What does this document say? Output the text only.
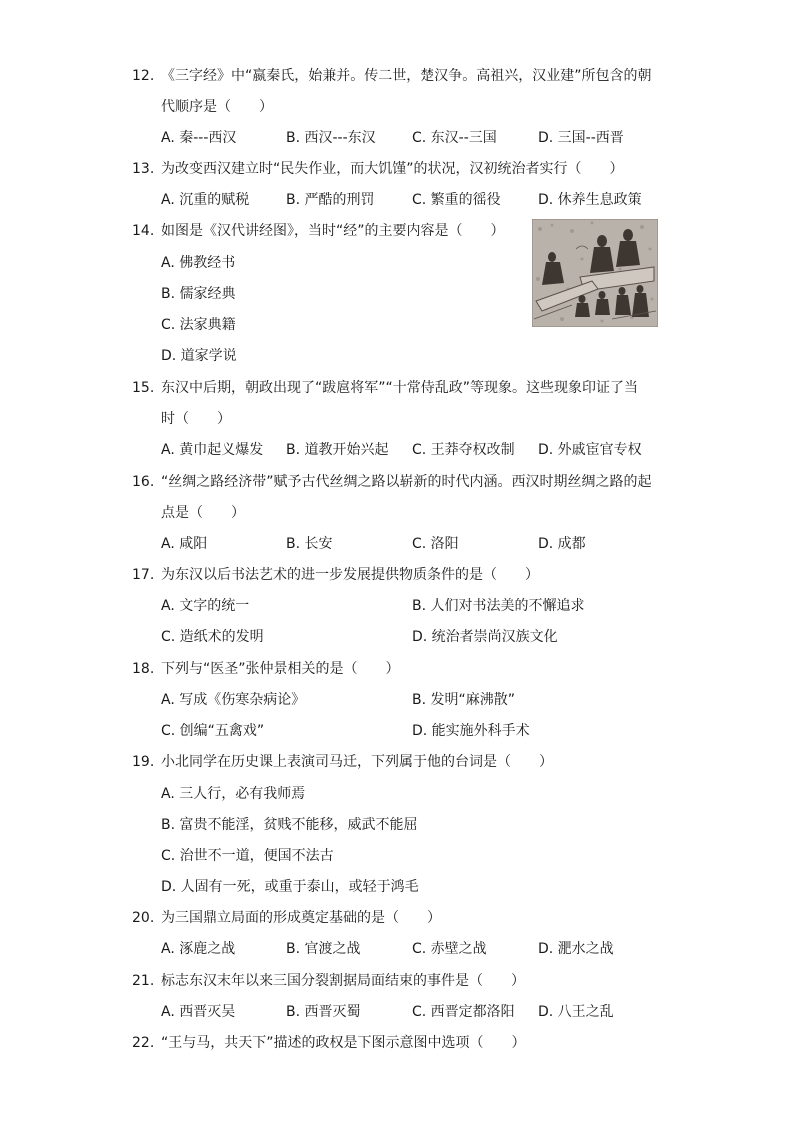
12. 《三字经》中“嬴秦氏，始兼并。传二世，楚汉争。高祖兴，汉业建”所包含的朝
代顺序是（　　）
A. 秦---西汉	B. 西汉---东汉	C. 东汉--三国	D. 三国--西晋
13. 为改变西汉建立时“民失作业，而大饥馑”的状况，汉初统治者实行（　　）
A. 沉重的赋税	B. 严酷的刑罚	C. 繁重的徭役	D. 休养生息政策
14. 如图是《汉代讲经图》，当时“经”的主要内容是（　　）
A. 佛教经书
B. 儒家经典
C. 法家典籍
D. 道家学说
15. 东汉中后期，朝政出现了“跋扈将军”“十常侍乱政”等现象。这些现象印证了当
时（　　）
A. 黄巾起义爆发 B. 道教开始兴起 C. 王莽夺权改制 D. 外戚宦官专权
16. “丝绸之路经济带”赋予古代丝绸之路以崭新的时代内涵。西汉时期丝绸之路的起
点是（　　）
A. 咸阳	B. 长安	C. 洛阳	D. 成都
17. 为东汉以后书法艺术的进一步发展提供物质条件的是（　　）
A. 文字的统一	B. 人们对书法美的不懈追求
C. 造纸术的发明	D. 统治者崇尚汉族文化
18. 下列与“医圣”张仲景相关的是（　　）
A. 写成《伤寒杂病论》	B. 发明“麻沸散”
C. 创编“五禽戏”	D. 能实施外科手术
19. 小北同学在历史课上表演司马迁，下列属于他的台词是（　　）
A. 三人行，必有我师焉
B. 富贵不能淫，贫贱不能移，威武不能屈
C. 治世不一道，便国不法古
D. 人固有一死，或重于泰山，或轻于鸿毛
20. 为三国鼎立局面的形成奠定基础的是（　　）
A. 涿鹿之战	B. 官渡之战	C. 赤壁之战	D. 淝水之战
21. 标志东汉末年以来三国分裂割据局面结束的事件是（　　）
A. 西晋灭吴	B. 西晋灭蜀	C. 西晋定都洛阳 D. 八王之乱
22. “王与马，共天下”描述的政权是下图示意图中选项（　　）
